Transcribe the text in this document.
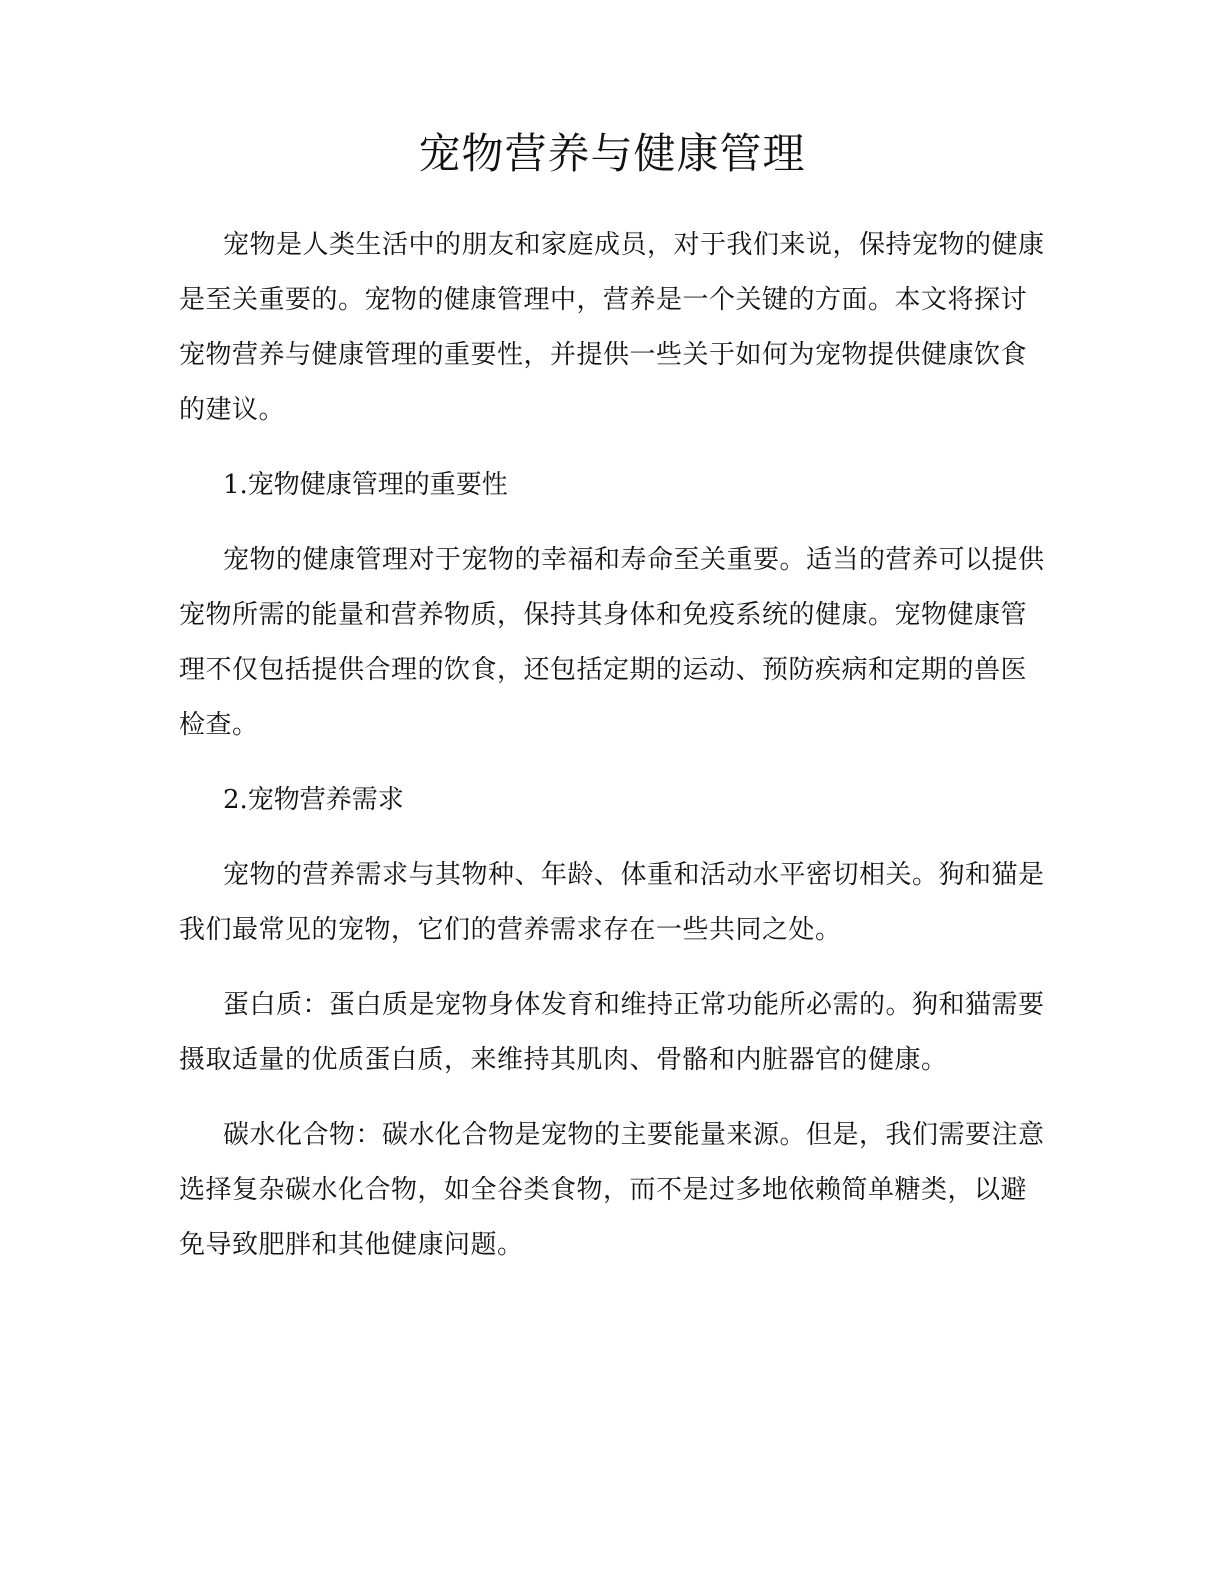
宠物营养与健康管理

宠物是人类生活中的朋友和家庭成员，对于我们来说，保持宠物的健康是至关重要的。宠物的健康管理中，营养是一个关键的方面。本文将探讨宠物营养与健康管理的重要性，并提供一些关于如何为宠物提供健康饮食的建议。

1.宠物健康管理的重要性

宠物的健康管理对于宠物的幸福和寿命至关重要。适当的营养可以提供宠物所需的能量和营养物质，保持其身体和免疫系统的健康。宠物健康管理不仅包括提供合理的饮食，还包括定期的运动、预防疾病和定期的兽医检查。

2.宠物营养需求

宠物的营养需求与其物种、年龄、体重和活动水平密切相关。狗和猫是我们最常见的宠物，它们的营养需求存在一些共同之处。

蛋白质：蛋白质是宠物身体发育和维持正常功能所必需的。狗和猫需要摄取适量的优质蛋白质，来维持其肌肉、骨骼和内脏器官的健康。

碳水化合物：碳水化合物是宠物的主要能量来源。但是，我们需要注意选择复杂碳水化合物，如全谷类食物，而不是过多地依赖简单糖类，以避免导致肥胖和其他健康问题。
